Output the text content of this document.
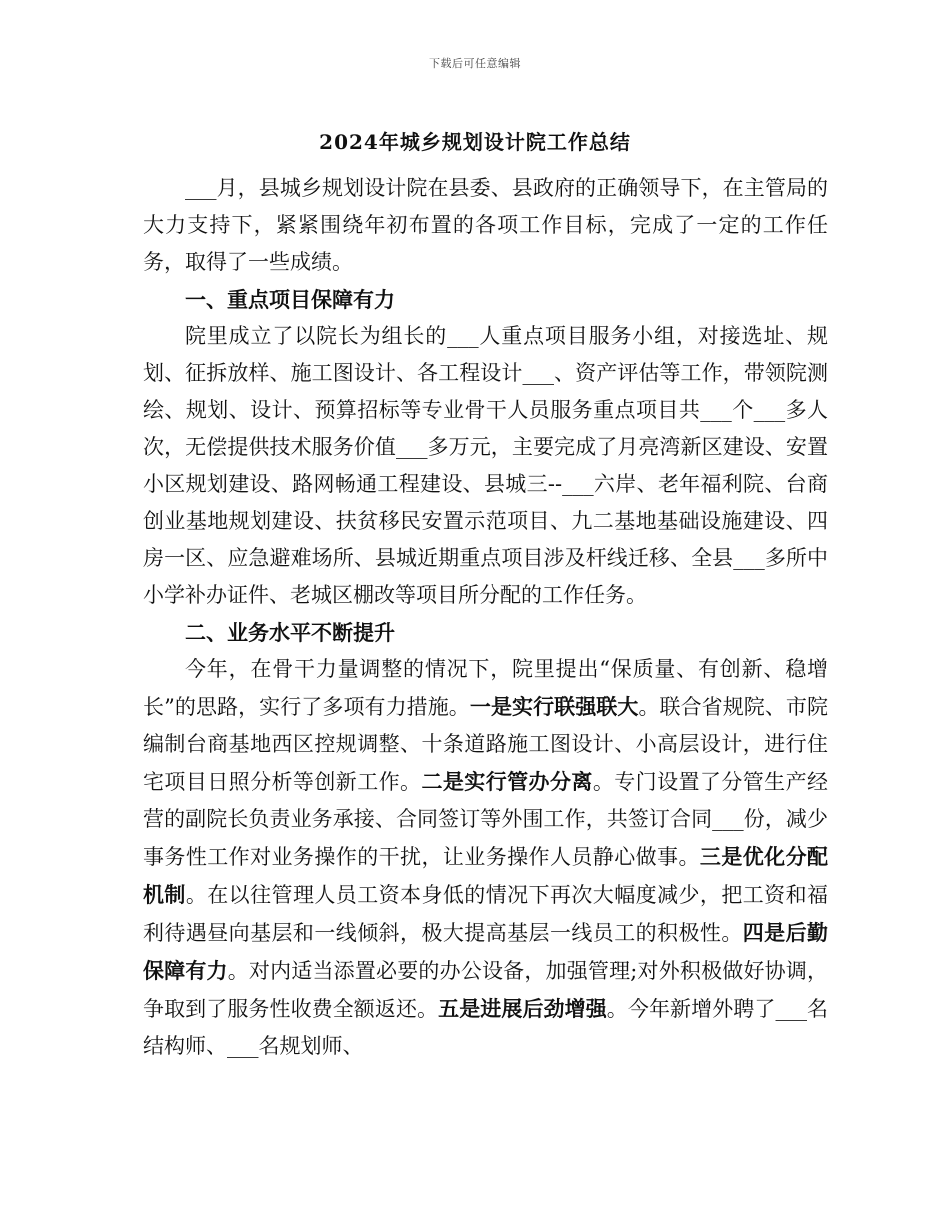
下载后可任意编辑
2024年城乡规划设计院工作总结

___月，县城乡规划设计院在县委、县政府的正确领导下，在主管局的大力支持下，紧紧围绕年初布置的各项工作目标，完成了一定的工作任务，取得了一些成绩。

一、重点项目保障有力

院里成立了以院长为组长的___人重点项目服务小组，对接选址、规划、征拆放样、施工图设计、各工程设计___、资产评估等工作，带领院测绘、规划、设计、预算招标等专业骨干人员服务重点项目共___个___多人次，无偿提供技术服务价值___多万元，主要完成了月亮湾新区建设、安置小区规划建设、路网畅通工程建设、县城三--___六岸、老年福利院、台商创业基地规划建设、扶贫移民安置示范项目、九二基地基础设施建设、四房一区、应急避难场所、县城近期重点项目涉及杆线迁移、全县___多所中小学补办证件、老城区棚改等项目所分配的工作任务。

二、业务水平不断提升

今年，在骨干力量调整的情况下，院里提出“保质量、有创新、稳增长”的思路，实行了多项有力措施。一是实行联强联大。联合省规院、市院编制台商基地西区控规调整、十条道路施工图设计、小高层设计，进行住宅项目日照分析等创新工作。二是实行管办分离。专门设置了分管生产经营的副院长负责业务承接、合同签订等外围工作，共签订合同___份，减少事务性工作对业务操作的干扰，让业务操作人员静心做事。三是优化分配机制。在以往管理人员工资本身低的情况下再次大幅度减少，把工资和福利待遇昼向基层和一线倾斜，极大提高基层一线员工的积极性。四是后勤保障有力。对内适当添置必要的办公设备，加强管理;对外积极做好协调，争取到了服务性收费全额返还。五是进展后劲增强。今年新增外聘了___名结构师、___名规划师、
